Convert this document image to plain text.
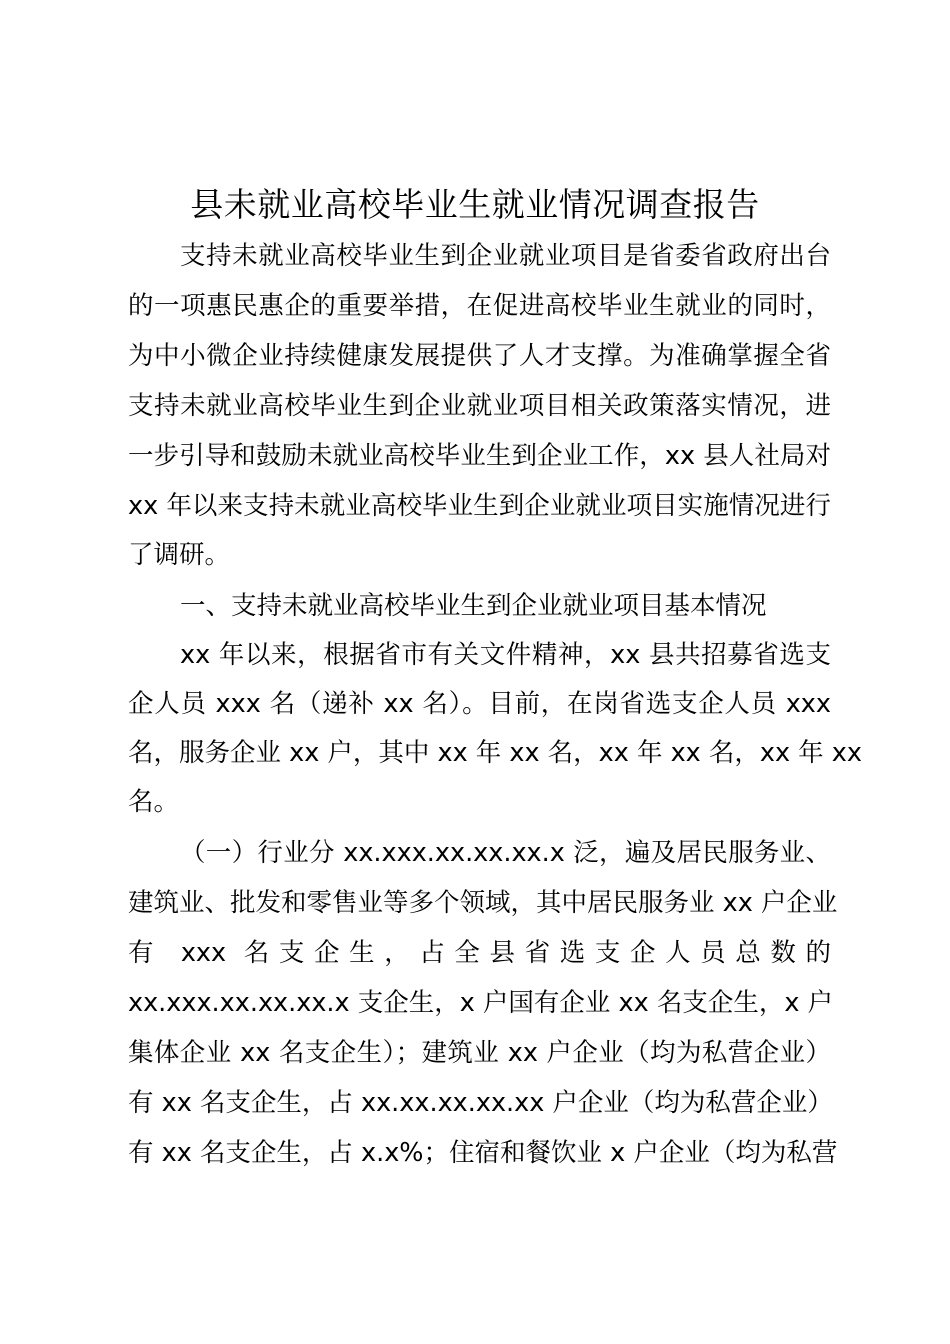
县未就业高校毕业生就业情况调查报告
支持未就业高校毕业生到企业就业项目是省委省政府出台
的一项惠民惠企的重要举措，在促进高校毕业生就业的同时，
为中小微企业持续健康发展提供了人才支撑。为准确掌握全省
支持未就业高校毕业生到企业就业项目相关政策落实情况，进
一步引导和鼓励未就业高校毕业生到企业工作，xx 县人社局对
xx 年以来支持未就业高校毕业生到企业就业项目实施情况进行
了调研。
一、支持未就业高校毕业生到企业就业项目基本情况
xx 年以来，根据省市有关文件精神，xx 县共招募省选支
企人员 xxx 名（递补 xx 名）。目前，在岗省选支企人员 xxx
名，服务企业 xx 户，其中 xx 年 xx 名，xx 年 xx 名，xx 年 xx
名。
（一）行业分 xx.xxx.xx.xx.xx.x 泛，遍及居民服务业、
建筑业、批发和零售业等多个领域，其中居民服务业 xx 户企业
有 xxx 名支企生，占全县省选支企人员总数的
xx.xxx.xx.xx.xx.x 支企生，x 户国有企业 xx 名支企生，x 户
集体企业 xx 名支企生）；建筑业 xx 户企业（均为私营企业）
有 xx 名支企生，占 xx.xx.xx.xx.xx 户企业（均为私营企业）
有 xx 名支企生，占 x.x%；住宿和餐饮业 x 户企业（均为私营
